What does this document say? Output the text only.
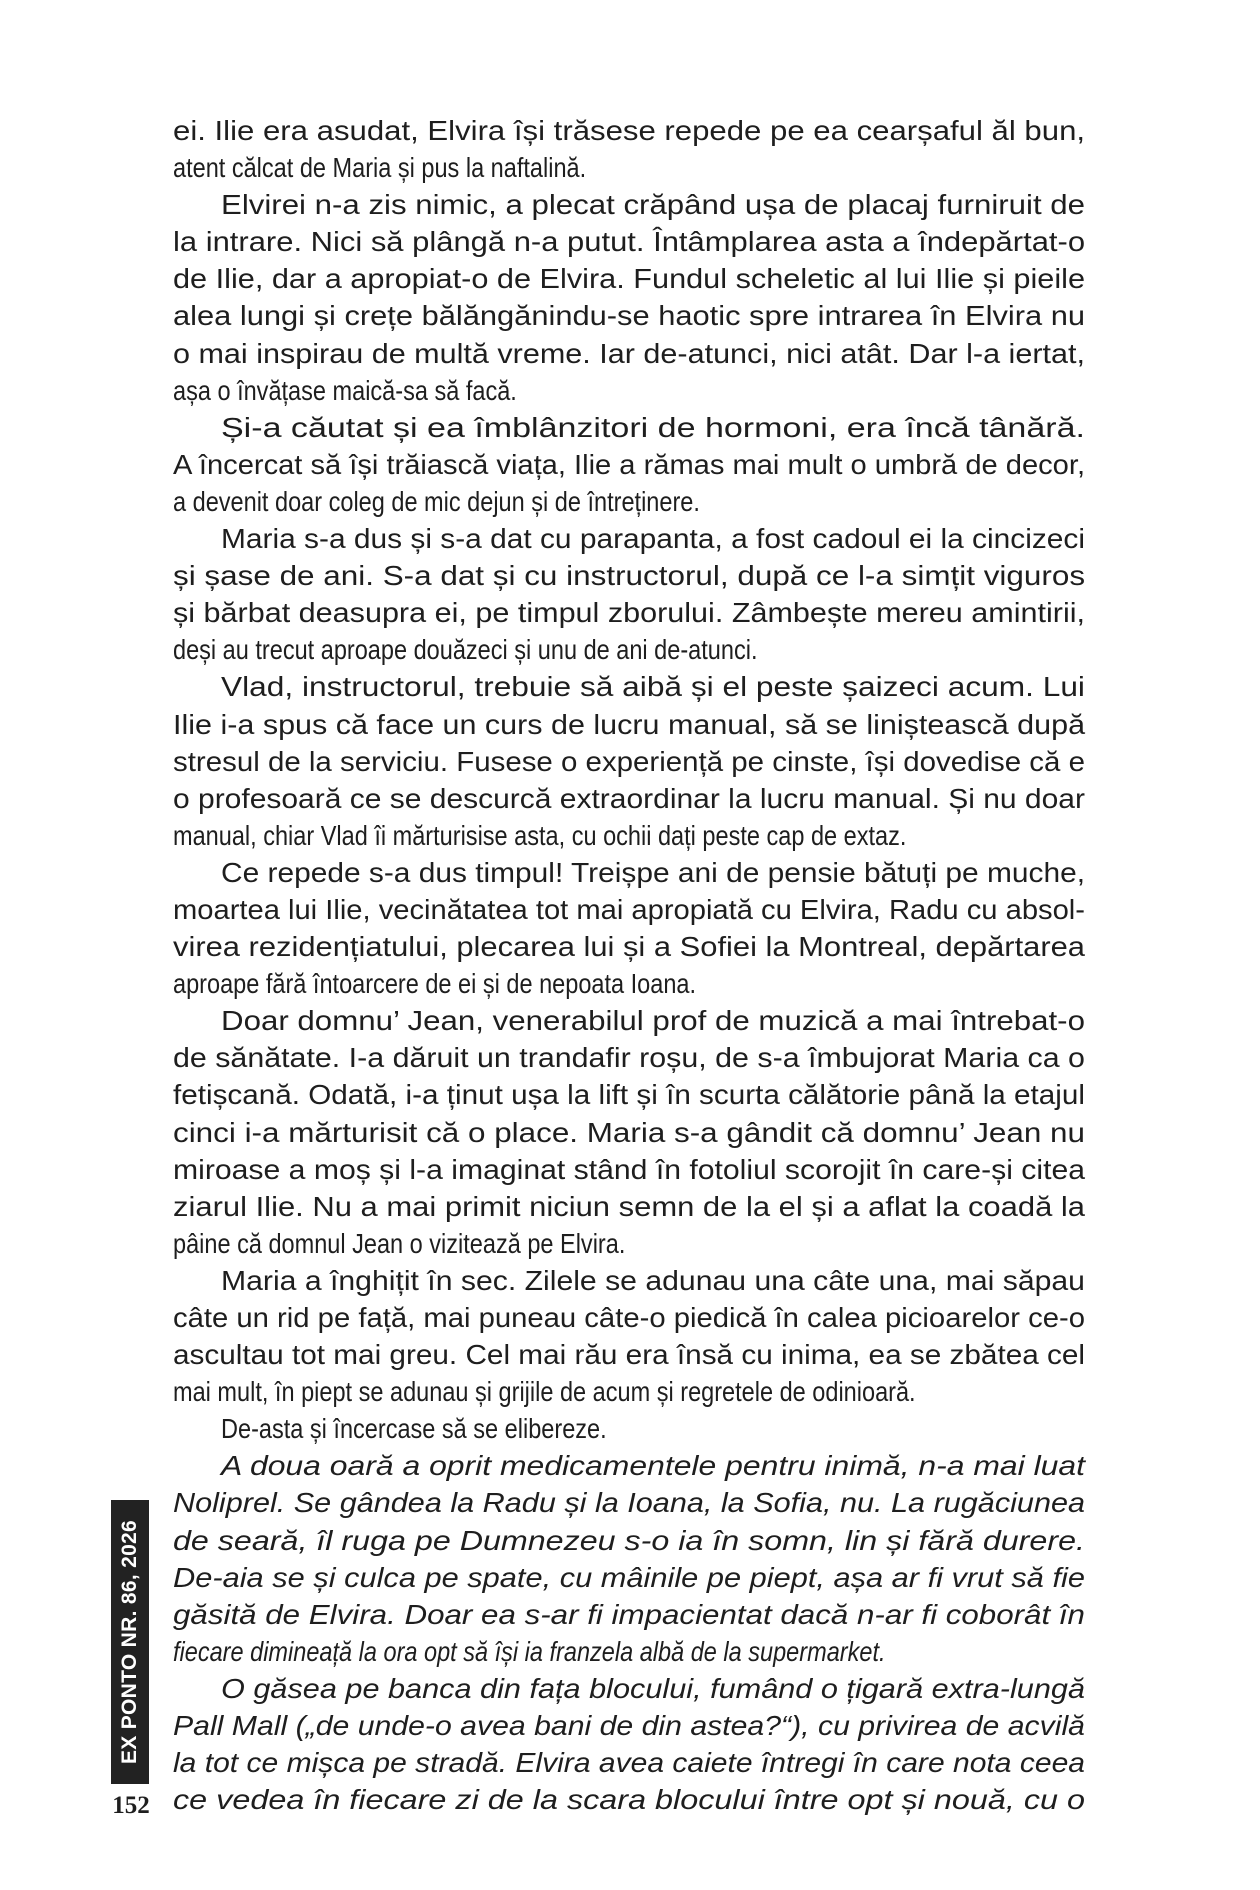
ei. Ilie era asudat, Elvira își trăsese repede pe ea cearșaful ăl bun,
atent călcat de Maria și pus la naftalină.
Elvirei n-a zis nimic, a plecat crăpând ușa de placaj furniruit de
la intrare. Nici să plângă n-a putut. Întâmplarea asta a îndepărtat-o
de Ilie, dar a apropiat-o de Elvira. Fundul scheletic al lui Ilie și pieile
alea lungi și crețe bălăngănindu-se haotic spre intrarea în Elvira nu
o mai inspirau de multă vreme. Iar de-atunci, nici atât. Dar l-a iertat,
așa o învățase maică-sa să facă.
Și-a căutat și ea îmblânzitori de hormoni, era încă tânără.
A încercat să își trăiască viața, Ilie a rămas mai mult o umbră de decor,
a devenit doar coleg de mic dejun și de întreținere.
Maria s-a dus și s-a dat cu parapanta, a fost cadoul ei la cincizeci
și șase de ani. S-a dat și cu instructorul, după ce l-a simțit viguros
și bărbat deasupra ei, pe timpul zborului. Zâmbește mereu amintirii,
deși au trecut aproape douăzeci și unu de ani de-atunci.
Vlad, instructorul, trebuie să aibă și el peste șaizeci acum. Lui
Ilie i-a spus că face un curs de lucru manual, să se liniștească după
stresul de la serviciu. Fusese o experiență pe cinste, își dovedise că e
o profesoară ce se descurcă extraordinar la lucru manual. Și nu doar
manual, chiar Vlad îi mărturisise asta, cu ochii dați peste cap de extaz.
Ce repede s-a dus timpul! Treișpe ani de pensie bătuți pe muche,
moartea lui Ilie, vecinătatea tot mai apropiată cu Elvira, Radu cu absol-
virea rezidențiatului, plecarea lui și a Sofiei la Montreal, depărtarea
aproape fără întoarcere de ei și de nepoata Ioana.
Doar domnu’ Jean, venerabilul prof de muzică a mai întrebat-o
de sănătate. I-a dăruit un trandafir roșu, de s-a îmbujorat Maria ca o
fetișcană. Odată, i-a ținut ușa la lift și în scurta călătorie până la etajul
cinci i-a mărturisit că o place. Maria s-a gândit că domnu’ Jean nu
miroase a moș și l-a imaginat stând în fotoliul scorojit în care-și citea
ziarul Ilie. Nu a mai primit niciun semn de la el și a aflat la coadă la
pâine că domnul Jean o vizitează pe Elvira.
Maria a înghițit în sec. Zilele se adunau una câte una, mai săpau
câte un rid pe față, mai puneau câte-o piedică în calea picioarelor ce-o
ascultau tot mai greu. Cel mai rău era însă cu inima, ea se zbătea cel
mai mult, în piept se adunau și grijile de acum și regretele de odinioară.
De-asta și încercase să se elibereze.
A doua oară a oprit medicamentele pentru inimă, n-a mai luat
Noliprel. Se gândea la Radu și la Ioana, la Sofia, nu. La rugăciunea
de seară, îl ruga pe Dumnezeu s-o ia în somn, lin și fără durere.
De-aia se și culca pe spate, cu mâinile pe piept, așa ar fi vrut să fie
găsită de Elvira. Doar ea s-ar fi impacientat dacă n-ar fi coborât în
fiecare dimineață la ora opt să își ia franzela albă de la supermarket.
O găsea pe banca din fața blocului, fumând o țigară extra-lungă
Pall Mall („de unde-o avea bani de din astea?“), cu privirea de acvilă
la tot ce mișca pe stradă. Elvira avea caiete întregi în care nota ceea
ce vedea în fiecare zi de la scara blocului între opt și nouă, cu o
EX PONTO NR. 86, 2026
152
